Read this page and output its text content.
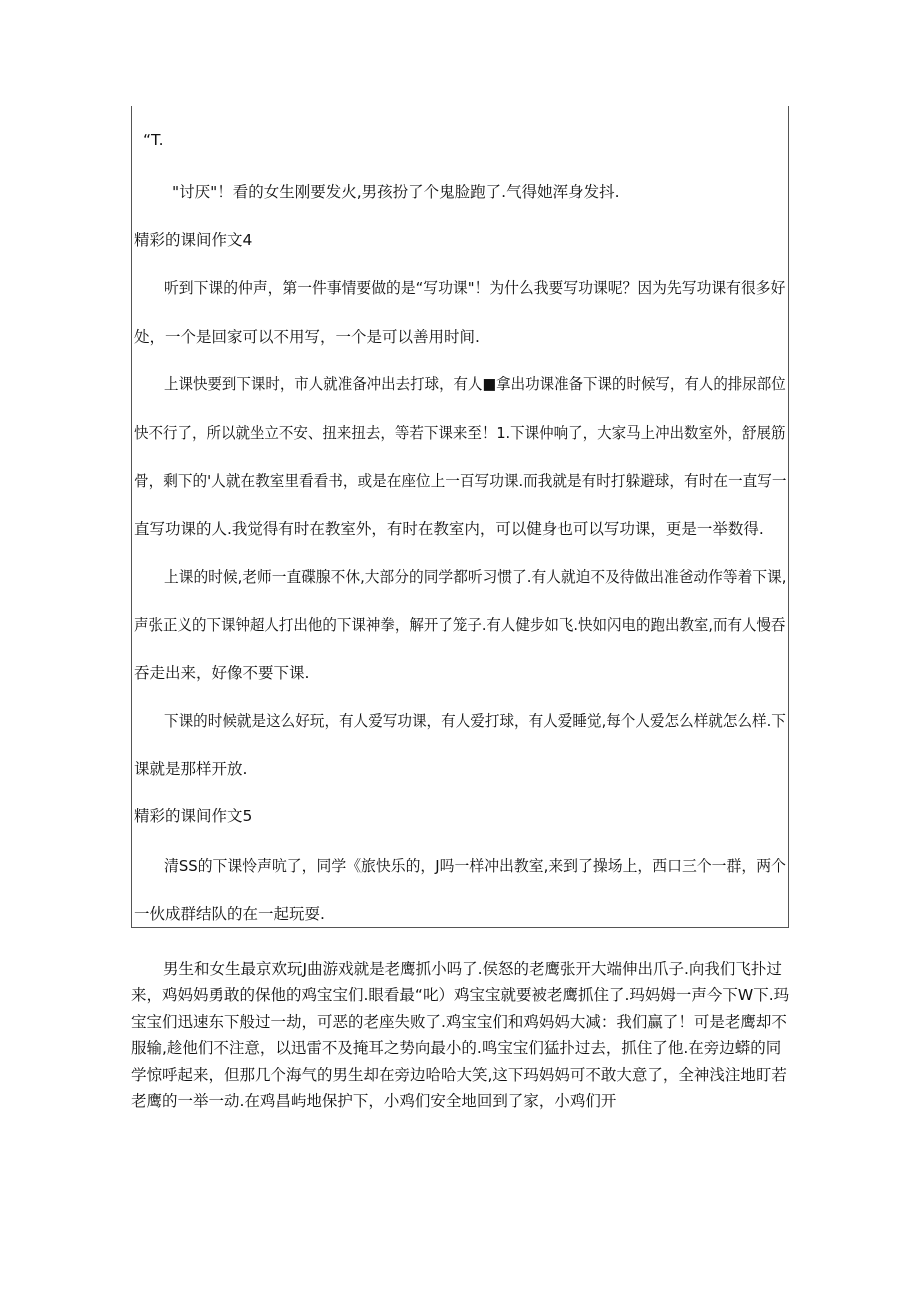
“T.
"讨厌"！看的女生刚要发火,男孩扮了个鬼脸跑了.气得她浑身发抖.
精彩的课间作文4
听到下课的仲声，第一件事情要做的是“写功课"！为什么我要写功课呢？因为先写功课有很多好
处，一个是回家可以不用写，一个是可以善用时间.
上课快要到下课时，市人就准备冲出去打球，有人■拿出功课准备下课的时候写，有人的排尿部位
快不行了，所以就坐立不安、扭来扭去，等若下课来至！1.下课仲响了，大家马上冲出数室外，舒展筋
骨，剩下的'人就在教室里看看书，或是在座位上一百写功课.而我就是有时打躲避球，有时在一直写一
直写功课的人.我觉得有时在教室外，有时在教室内，可以健身也可以写功课，更是一举数得.
上课的时候,老师一直碟腺不休,大部分的同学都听习惯了.有人就迫不及待做出准爸动作等着下课,
声张正义的下课钟超人打出他的下课神拳，解开了笼子.有人健步如飞.快如闪电的跑出教室,而有人慢吞
吞走出来，好像不要下课.
下课的时候就是这么好玩，有人爱写功课，有人爱打球，有人爱睡觉,每个人爱怎么样就怎么样.下
课就是那样开放.
精彩的课间作文5
清SS的下课怜声吭了，同学《旅快乐的，J吗一样冲出教室,来到了操场上，西口三个一群，两个
一伙成群结队的在一起玩耍.

男生和女生最京欢玩J曲游戏就是老鹰抓小吗了.侯怒的老鹰张开大端伸出爪子.向我们飞扑过来，鸡妈妈勇敢的保他的鸡宝宝们.眼看最“叱）鸡宝宝就要被老鹰抓住了.玛妈姆一声今下W下.玛宝宝们迅速东下般过一劫，可恶的老座失败了.鸡宝宝们和鸡妈妈大减：我们赢了！可是老鹰却不服输,趁他们不注意，以迅雷不及掩耳之势向最小的.鸣宝宝们猛扑过去，抓住了他.在旁边蟒的同学惊呼起来，但那几个海气的男生却在旁边哈哈大笑,这下玛妈妈可不敢大意了，全神浅注地盯若老鹰的一举一动.在鸡昌屿地保护下，小鸡们安全地回到了家，小鸡们开
